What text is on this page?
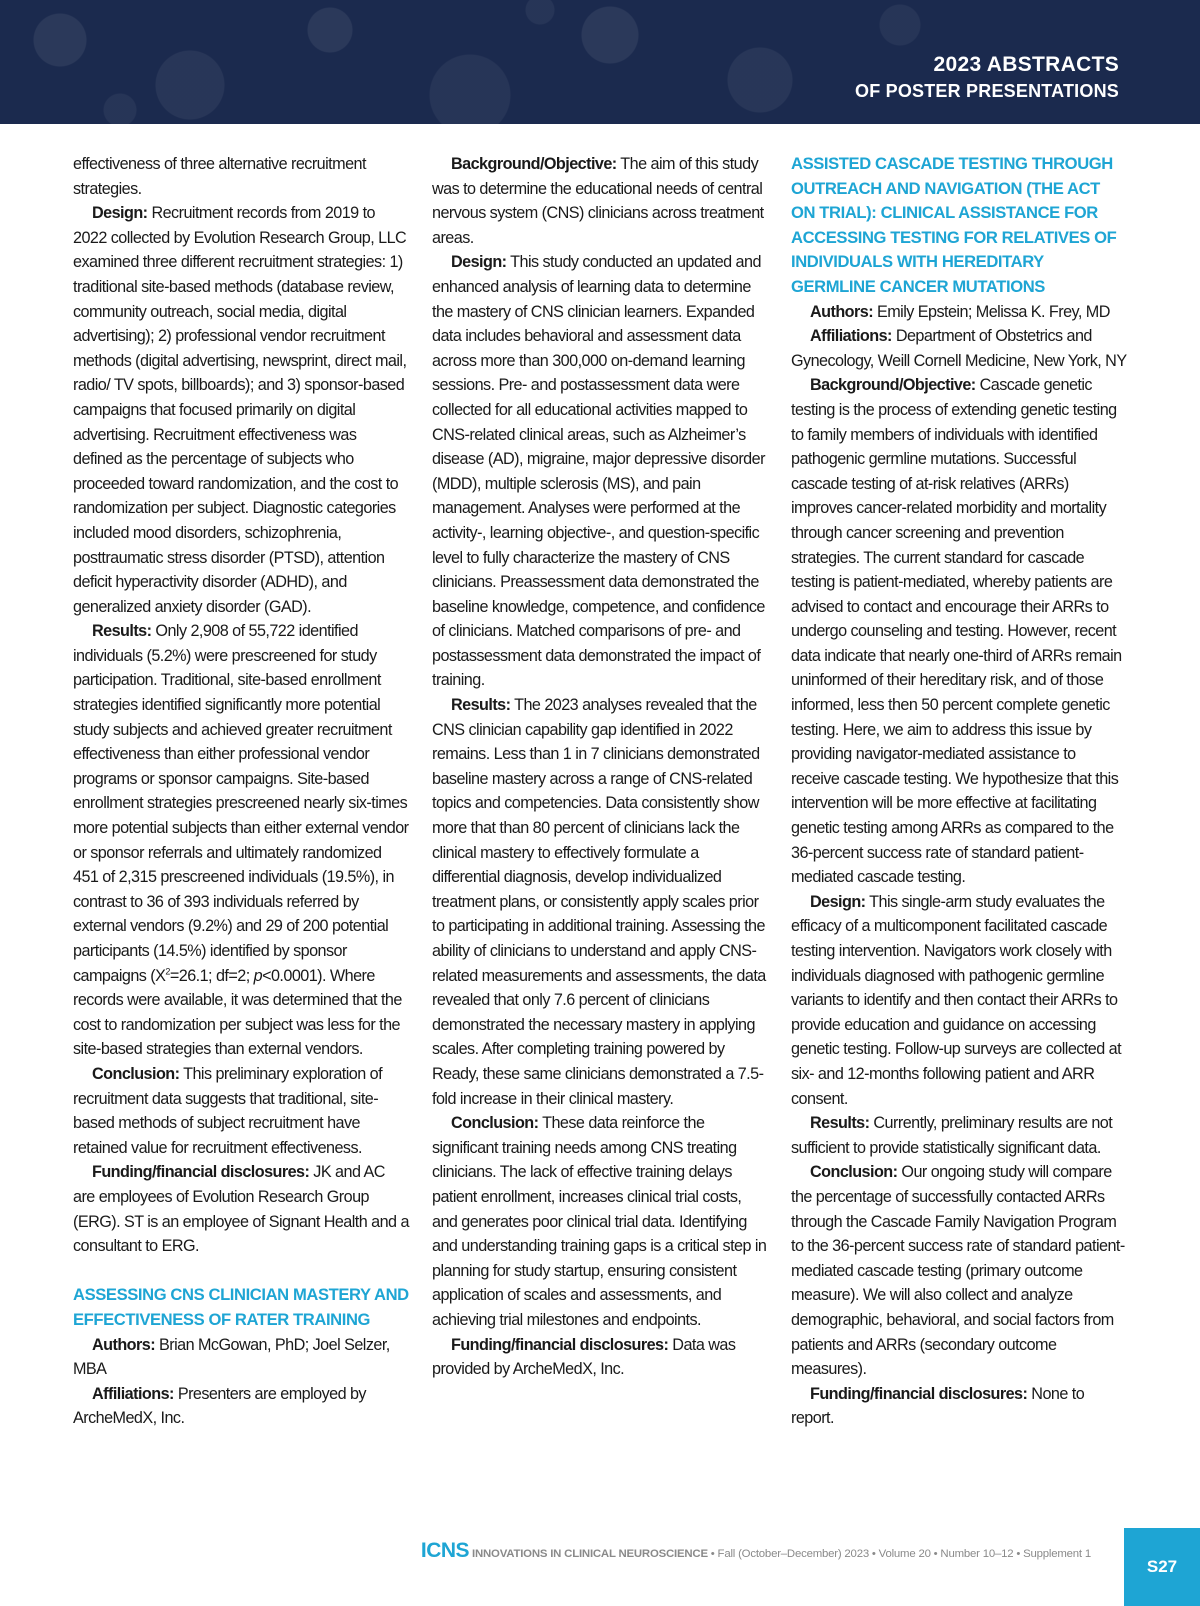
2023 ABSTRACTS
OF POSTER PRESENTATIONS

effectiveness of three alternative recruitment strategies.

Design: Recruitment records from 2019 to 2022 collected by Evolution Research Group, LLC examined three different recruitment strategies: 1) traditional site-based methods (database review, community outreach, social media, digital advertising); 2) professional vendor recruitment methods (digital advertising, newsprint, direct mail, radio/ TV spots, billboards); and 3) sponsor-based campaigns that focused primarily on digital advertising. Recruitment effectiveness was defined as the percentage of subjects who proceeded toward randomization, and the cost to randomization per subject. Diagnostic categories included mood disorders, schizophrenia, posttraumatic stress disorder (PTSD), attention deficit hyperactivity disorder (ADHD), and generalized anxiety disorder (GAD).

Results: Only 2,908 of 55,722 identified individuals (5.2%) were prescreened for study participation. Traditional, site-based enrollment strategies identified significantly more potential study subjects and achieved greater recruitment effectiveness than either professional vendor programs or sponsor campaigns. Site-based enrollment strategies prescreened nearly six-times more potential subjects than either external vendor or sponsor referrals and ultimately randomized 451 of 2,315 prescreened individuals (19.5%), in contrast to 36 of 393 individuals referred by external vendors (9.2%) and 29 of 200 potential participants (14.5%) identified by sponsor campaigns ($X^2=26.1$; df=2; p<0.0001). Where records were available, it was determined that the cost to randomization per subject was less for the site-based strategies than external vendors.

Conclusion: This preliminary exploration of recruitment data suggests that traditional, site-based methods of subject recruitment have retained value for recruitment effectiveness.

Funding/financial disclosures: JK and AC are employees of Evolution Research Group (ERG). ST is an employee of Signant Health and a consultant to ERG.

ASSESSING CNS CLINICIAN MASTERY AND EFFECTIVENESS OF RATER TRAINING

Authors: Brian McGowan, PhD; Joel Selzer, MBA

Affiliations: Presenters are employed by ArcheMedX, Inc.

Background/Objective: The aim of this study was to determine the educational needs of central nervous system (CNS) clinicians across treatment areas.

Design: This study conducted an updated and enhanced analysis of learning data to determine the mastery of CNS clinician learners. Expanded data includes behavioral and assessment data across more than 300,000 on-demand learning sessions. Pre- and postassessment data were collected for all educational activities mapped to CNS-related clinical areas, such as Alzheimer’s disease (AD), migraine, major depressive disorder (MDD), multiple sclerosis (MS), and pain management. Analyses were performed at the activity-, learning objective-, and question-specific level to fully characterize the mastery of CNS clinicians. Preassessment data demonstrated the baseline knowledge, competence, and confidence of clinicians. Matched comparisons of pre- and postassessment data demonstrated the impact of training.

Results: The 2023 analyses revealed that the CNS clinician capability gap identified in 2022 remains. Less than 1 in 7 clinicians demonstrated baseline mastery across a range of CNS-related topics and competencies. Data consistently show more that than 80 percent of clinicians lack the clinical mastery to effectively formulate a differential diagnosis, develop individualized treatment plans, or consistently apply scales prior to participating in additional training. Assessing the ability of clinicians to understand and apply CNS-related measurements and assessments, the data revealed that only 7.6 percent of clinicians demonstrated the necessary mastery in applying scales. After completing training powered by Ready, these same clinicians demonstrated a 7.5-fold increase in their clinical mastery.

Conclusion: These data reinforce the significant training needs among CNS treating clinicians. The lack of effective training delays patient enrollment, increases clinical trial costs, and generates poor clinical trial data. Identifying and understanding training gaps is a critical step in planning for study startup, ensuring consistent application of scales and assessments, and achieving trial milestones and endpoints.

Funding/financial disclosures: Data was provided by ArcheMedX, Inc.

ASSISTED CASCADE TESTING THROUGH OUTREACH AND NAVIGATION (THE ACT ON TRIAL): CLINICAL ASSISTANCE FOR ACCESSING TESTING FOR RELATIVES OF INDIVIDUALS WITH HEREDITARY GERMLINE CANCER MUTATIONS

Authors: Emily Epstein; Melissa K. Frey, MD

Affiliations: Department of Obstetrics and Gynecology, Weill Cornell Medicine, New York, NY

Background/Objective: Cascade genetic testing is the process of extending genetic testing to family members of individuals with identified pathogenic germline mutations. Successful cascade testing of at-risk relatives (ARRs) improves cancer-related morbidity and mortality through cancer screening and prevention strategies. The current standard for cascade testing is patient-mediated, whereby patients are advised to contact and encourage their ARRs to undergo counseling and testing. However, recent data indicate that nearly one-third of ARRs remain uninformed of their hereditary risk, and of those informed, less then 50 percent complete genetic testing. Here, we aim to address this issue by providing navigator-mediated assistance to receive cascade testing. We hypothesize that this intervention will be more effective at facilitating genetic testing among ARRs as compared to the 36-percent success rate of standard patient-mediated cascade testing.

Design: This single-arm study evaluates the efficacy of a multicomponent facilitated cascade testing intervention. Navigators work closely with individuals diagnosed with pathogenic germline variants to identify and then contact their ARRs to provide education and guidance on accessing genetic testing. Follow-up surveys are collected at six- and 12-months following patient and ARR consent.

Results: Currently, preliminary results are not sufficient to provide statistically significant data.

Conclusion: Our ongoing study will compare the percentage of successfully contacted ARRs through the Cascade Family Navigation Program to the 36-percent success rate of standard patient-mediated cascade testing (primary outcome measure). We will also collect and analyze demographic, behavioral, and social factors from patients and ARRs (secondary outcome measures).

Funding/financial disclosures: None to report.

ICNS INNOVATIONS IN CLINICAL NEUROSCIENCE • Fall (October–December) 2023 • Volume 20 • Number 10–12 • Supplement 1
S27
